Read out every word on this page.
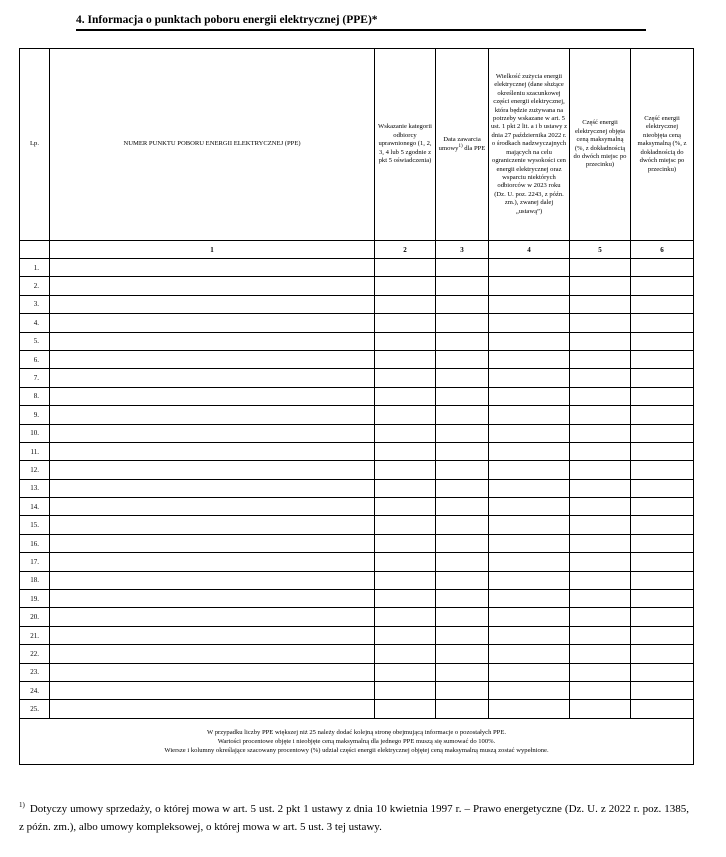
4. Informacja o punktach poboru energii elektrycznej (PPE)*
Lp.	NUMER PUNKTU POBORU ENERGII ELEKTRYCZNEJ (PPE)	Wskazanie kategorii odbiorcy uprawnionego (1, 2, 3, 4 lub 5 zgodnie z pkt 5 oświadczenia)	Data zawarcia umowy$^{1)}$ dla PPE	Wielkość zużycia energii elektrycznej (dane służące określeniu szacunkowej części energii elektrycznej, która będzie zużywana na potrzeby wskazane w art. 5 ust. 1 pkt 2 lit. a i b ustawy z dnia 27 października 2022 r. o środkach nadzwyczajnych mających na celu ograniczenie wysokości cen energii elektrycznej oraz wsparciu niektórych odbiorców w 2023 roku (Dz. U. poz. 2243, z późn. zm.), zwanej dalej „ustawą”)	Część energii elektrycznej objęta ceną maksymalną (%, z dokładnością do dwóch miejsc po przecinku)	Część energii elektrycznej nieobjęta ceną maksymalną (%, z dokładnością do dwóch miejsc po przecinku)

	1	2	3	4	5	6
1.						
2.						
3.						
4.						
5.						
6.						
7.						
8.						
9.						
10.						
11.						
12.						
13.						
14.						
15.						
16.						
17.						
18.						
19.						
20.						
21.						
22.						
23.						
24.						
25.						

W przypadku liczby PPE większej niż 25 należy dodać kolejną stronę obejmującą informacje o pozostałych PPE.
Wartości procentowe objęte i nieobjęte ceną maksymalną dla jednego PPE muszą się sumować do 100%.
Wiersze i kolumny określające szacowany procentowy (%) udział części energii elektrycznej objętej ceną maksymalną muszą zostać wypełnione.						
$^{1)}$ Dotyczy umowy sprzedaży, o której mowa w art. 5 ust. 2 pkt 1 ustawy z dnia 10 kwietnia 1997 r. – Prawo energetyczne (Dz. U. z 2022 r. poz. 1385, z późn. zm.), albo umowy kompleksowej, o której mowa w art. 5 ust. 3 tej ustawy.
